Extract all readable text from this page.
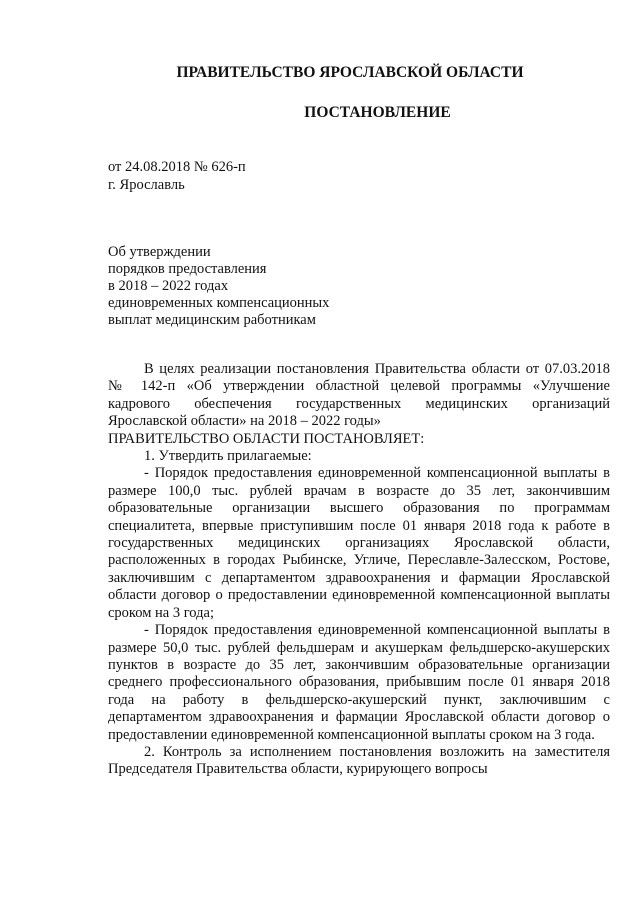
ПРАВИТЕЛЬСТВО ЯРОСЛАВСКОЙ ОБЛАСТИ
ПОСТАНОВЛЕНИЕ
от 24.08.2018 № 626-п
г. Ярославль
Об утверждении
порядков предоставления
в 2018 – 2022 годах
единовременных компенсационных
выплат медицинским работникам

В целях реализации постановления Правительства области от 07.03.2018 № 142-п «Об утверждении областной целевой программы «Улучшение кадрового обеспечения государственных медицинских организаций Ярославской области» на 2018 – 2022 годы»

ПРАВИТЕЛЬСТВО ОБЛАСТИ ПОСТАНОВЛЯЕТ:

1. Утвердить прилагаемые:

- Порядок предоставления единовременной компенсационной выплаты в размере 100,0 тыс. рублей врачам в возрасте до 35 лет, закончившим образовательные организации высшего образования по программам специалитета, впервые приступившим после 01 января 2018 года к работе в государственных медицинских организациях Ярославской области, расположенных в городах Рыбинске, Угличе, Переславле-Залесском, Ростове, заключившим с департаментом здравоохранения и фармации Ярославской области договор о предоставлении единовременной компенсационной выплаты сроком на 3 года;

- Порядок предоставления единовременной компенсационной выплаты в размере 50,0 тыс. рублей фельдшерам и акушеркам фельдшерско-акушерских пунктов в возрасте до 35 лет, закончившим образовательные организации среднего профессионального образования, прибывшим после 01 января 2018 года на работу в фельдшерско-акушерский пункт, заключившим с департаментом здравоохранения и фармации Ярославской области договор о предоставлении единовременной компенсационной выплаты сроком на 3 года.

2. Контроль за исполнением постановления возложить на заместителя Председателя Правительства области, курирующего вопросы
